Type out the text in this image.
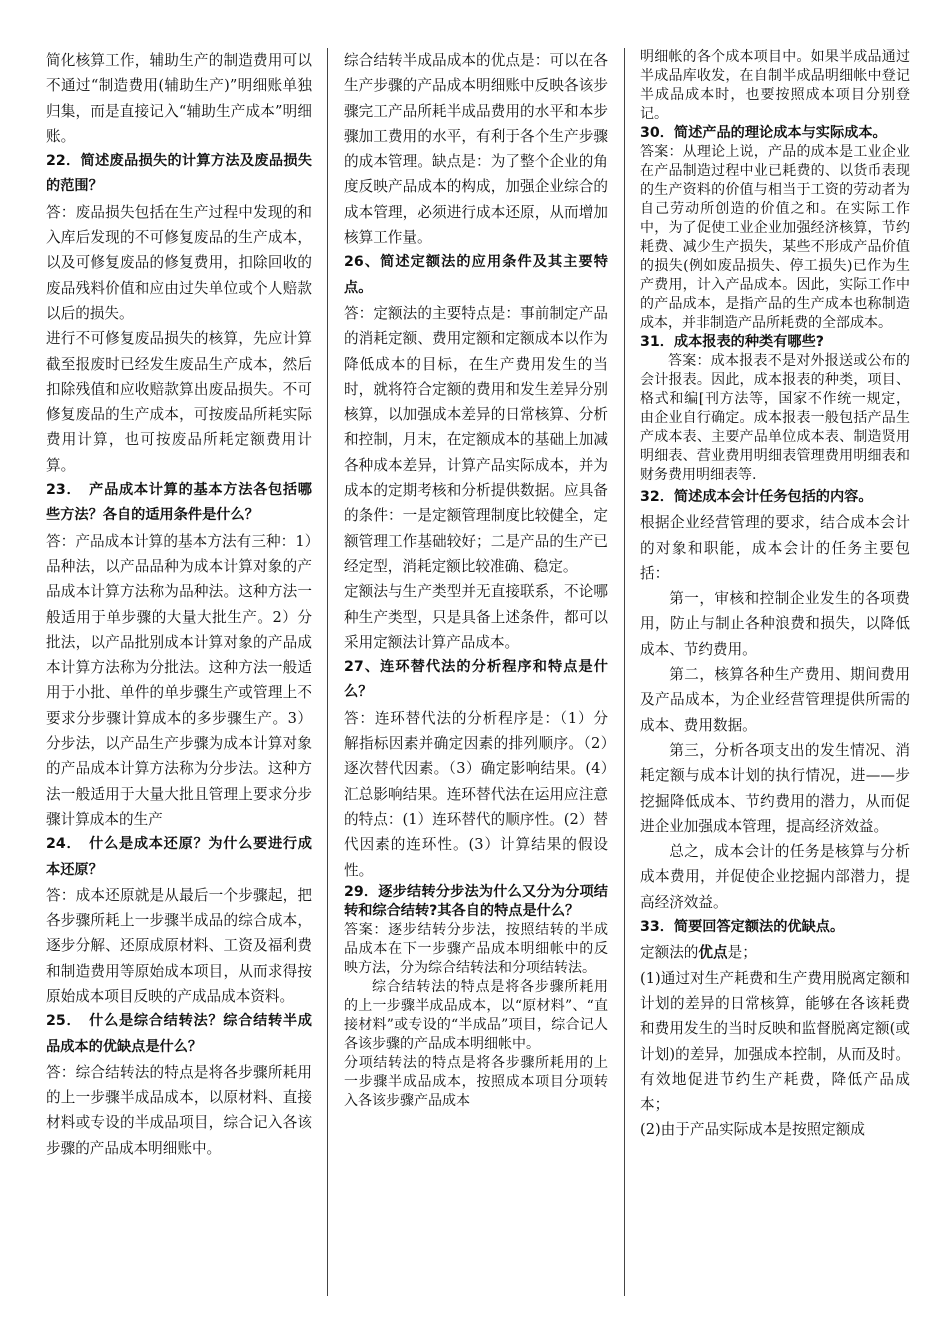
简化核算工作，辅助生产的制造费用可以不通过“制造费用(辅助生产)”明细账单独归集，而是直接记入“辅助生产成本”明细账。

22．简述废品损失的计算方法及废品损失的范围？

答：废品损失包括在生产过程中发现的和入库后发现的不可修复废品的生产成本，以及可修复废品的修复费用，扣除回收的废品残料价值和应由过失单位或个人赔款以后的损失。

进行不可修复废品损失的核算，先应计算截至报废时已经发生废品生产成本，然后扣除残值和应收赔款算出废品损失。不可修复废品的生产成本，可按废品所耗实际费用计算，也可按废品所耗定额费用计算。

23．　产品成本计算的基本方法各包括哪些方法？各自的适用条件是什么？

答：产品成本计算的基本方法有三种：1）品种法，以产品品种为成本计算对象的产品成本计算方法称为品种法。这种方法一般适用于单步骤的大量大批生产。2）分批法，以产品批别成本计算对象的产品成本计算方法称为分批法。这种方法一般适用于小批、单件的单步骤生产或管理上不要求分步骤计算成本的多步骤生产。3）分步法，以产品生产步骤为成本计算对象的产品成本计算方法称为分步法。这种方法一般适用于大量大批且管理上要求分步骤计算成本的生产

24．　什么是成本还原？为什么要进行成本还原？

答：成本还原就是从最后一个步骤起，把各步骤所耗上一步骤半成品的综合成本，逐步分解、还原成原材料、工资及福利费和制造费用等原始成本项目，从而求得按原始成本项目反映的产成品成本资料。

25．　什么是综合结转法？综合结转半成品成本的优缺点是什么？

答：综合结转法的特点是将各步骤所耗用的上一步骤半成品成本，以原材料、直接材料或专设的半成品项目，综合记入各该步骤的产品成本明细账中。

综合结转半成品成本的优点是：可以在各生产步骤的产品成本明细账中反映各该步骤完工产品所耗半成品费用的水平和本步骤加工费用的水平，有利于各个生产步骤的成本管理。缺点是：为了整个企业的角度反映产品成本的构成，加强企业综合的成本管理，必须进行成本还原，从而增加核算工作量。

26、简述定额法的应用条件及其主要特点。

答：定额法的主要特点是：事前制定产品的消耗定额、费用定额和定额成本以作为降低成本的目标，在生产费用发生的当时，就将符合定额的费用和发生差异分别核算，以加强成本差异的日常核算、分析和控制，月末，在定额成本的基础上加减各种成本差异，计算产品实际成本，并为成本的定期考核和分析提供数据。应具备的条件：一是定额管理制度比较健全，定额管理工作基础较好；二是产品的生产已经定型，消耗定额比较准确、稳定。

定额法与生产类型并无直接联系，不论哪种生产类型，只是具备上述条件，都可以采用定额法计算产品成本。

27、连环替代法的分析程序和特点是什么？

答：连环替代法的分析程序是：（1）分解指标因素并确定因素的排列顺序。（2）逐次替代因素。（3）确定影响结果。(4）汇总影响结果。连环替代法在运用应注意的特点：(1）连环替代的顺序性。(2）替代因素的连环性。(3）计算结果的假设性。

29．逐步结转分步法为什么又分为分项结转和综合结转?其各自的特点是什么？

答案：逐步结转分步法，按照结转的半成品成本在下一步骤产品成本明细帐中的反映方法，分为综合结转法和分项结转法。

综合结转法的特点是将各步骤所耗用的上一步骤半成品成本，以“原材料”、“直接材料”或专设的“半成品”项目，综合记人各该步骤的产品成本明细帐中。

分项结转法的特点是将各步骤所耗用的上一步骤半成品成本，按照成本项目分项转入各该步骤产品成本

明细帐的各个成本项目中。如果半成品通过半成品库收发，在自制半成品明细帐中登记半成品成本时，也要按照成本项目分别登记。

30．简述产品的理论成本与实际成本。

答案：从理论上说，产品的成本是工业企业在产品制造过程中业已耗费的、以货币表现的生产资料的价值与相当于工资的劳动者为自己劳动所创造的价值之和。在实际工作中，为了促使工业企业加强经济核算，节约耗费、减少生产损失，某些不形成产品价值的损失(例如废品损失、停工损失)已作为生产费用，计入产品成本。因此，实际工作中的产品成本，是指产品的生产成本也称制造成本，并非制造产品所耗费的全部成本。

31．成本报表的种类有哪些?

答案：成本报表不是对外报送或公布的会计报表。因此，成本报表的种类，项目、格式和编[刊方法等，国家不作统一规定，由企业自行确定。成本报表一般包括产品生产成本表、主要产品单位成本表、制造贤用明细表、营业费用明细表管理费用明细表和财务费用明细表等.

32．简述成本会计任务包括的内容。

根据企业经营管理的要求，结合成本会计的对象和职能，成本会计的任务主要包括：

第一，审核和控制企业发生的各项费用，防止与制止各种浪费和损失，以降低成本、节约费用。

第二，核算各种生产费用、期间费用及产品成本，为企业经营管理提供所需的成本、费用数据。

第三，分析各项支出的发生情况、消耗定额与成本计划的执行情况，进——步挖掘降低成本、节约费用的潜力，从而促进企业加强成本管理，提高经济效益。

总之，成本会计的任务是核算与分析成本费用，并促使企业挖掘内部潜力，提高经济效益。

33．简要回答定额法的优缺点。

定额法的优点是；

(1)通过对生产耗费和生产费用脱离定额和计划的差异的日常核算，能够在各该耗费和费用发生的当时反映和监督脱离定额(或计划)的差异，加强成本控制，从而及时。有效地促进节约生产耗费，降低产品成本；

(2)由于产品实际成本是按照定额成
